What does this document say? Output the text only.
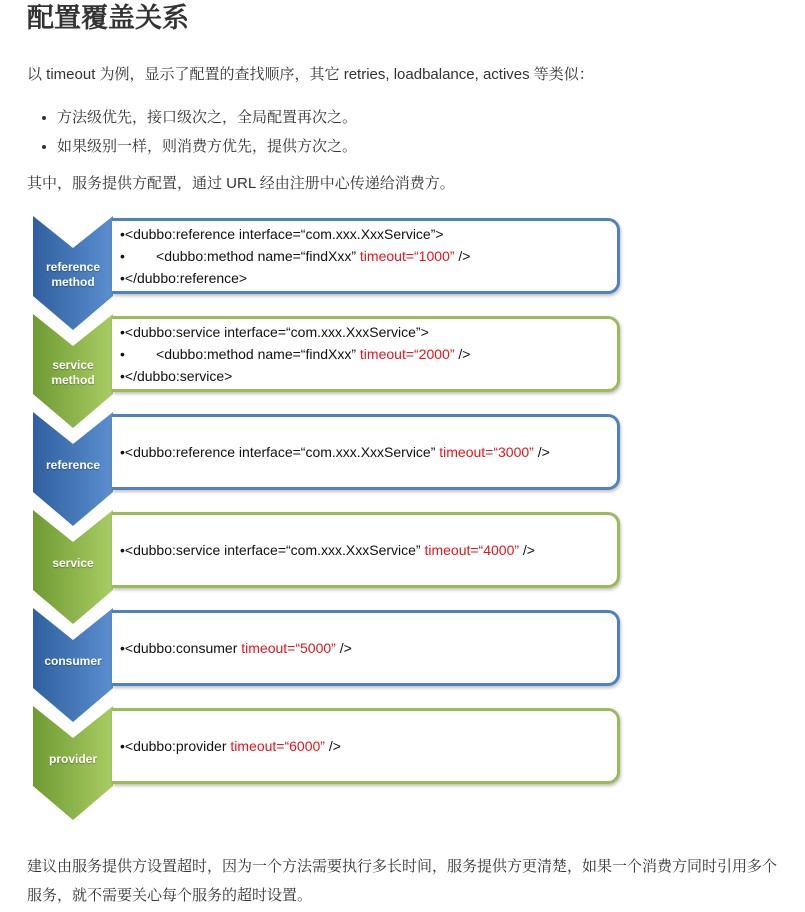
配置覆盖关系

以 timeout 为例，显示了配置的查找顺序，其它 retries, loadbalance, actives 等类似：

• 方法级优先，接口级次之，全局配置再次之。
• 如果级别一样，则消费方优先，提供方次之。

其中，服务提供方配置，通过 URL 经由注册中心传递给消费方。

•<dubbo:reference interface=“com.xxx.XxxService”>
•        <dubbo:method name=“findXxx” timeout=“1000” />
•</dubbo:reference>
reference
method
•<dubbo:service interface=“com.xxx.XxxService”>
•        <dubbo:method name=“findXxx” timeout=“2000” />
•</dubbo:service>
service
method
•<dubbo:reference interface=“com.xxx.XxxService” timeout=“3000” />
reference
•<dubbo:service interface=“com.xxx.XxxService” timeout=“4000” />
service
•<dubbo:consumer timeout=“5000” />
consumer
•<dubbo:provider timeout=“6000” />
provider

建议由服务提供方设置超时，因为一个方法需要执行多长时间，服务提供方更清楚，如果一个消费方同时引用多个服务，就不需要关心每个服务的超时设置。
